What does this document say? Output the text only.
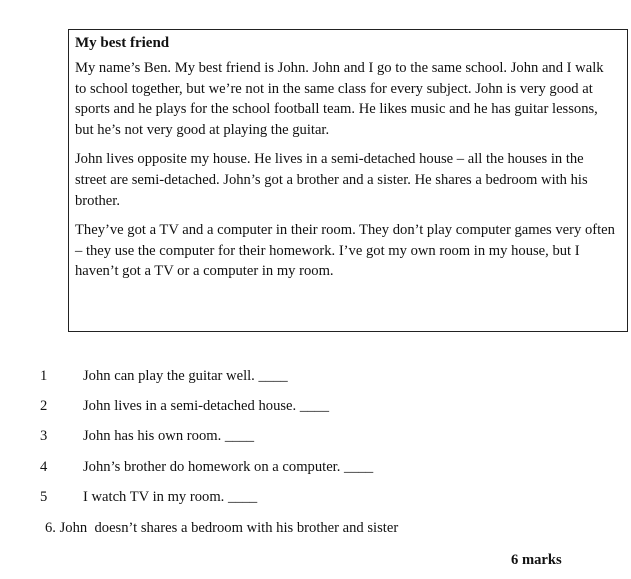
My best friend

My name’s Ben. My best friend is John. John and I go to the same school. John and I walk to school together, but we’re not in the same class for every subject. John is very good at sports and he plays for the school football team. He likes music and he has guitar lessons, but he’s not very good at playing the guitar.

John lives opposite my house. He lives in a semi-detached house – all the houses in the street are semi-detached. John’s got a brother and a sister. He shares a bedroom with his brother.

They’ve got a TV and a computer in their room. They don’t play computer games very often – they use the computer for their homework. I’ve got my own room in my house, but I haven’t got a TV or a computer in my room.

1 John can play the guitar well. ____
2 John lives in a semi-detached house. ____
3 John has his own room. ____
4 John’s brother do homework on a computer. ____
5 I watch TV in my room. ____
6. John  doesn’t shares a bedroom with his brother and sister
6 marks
